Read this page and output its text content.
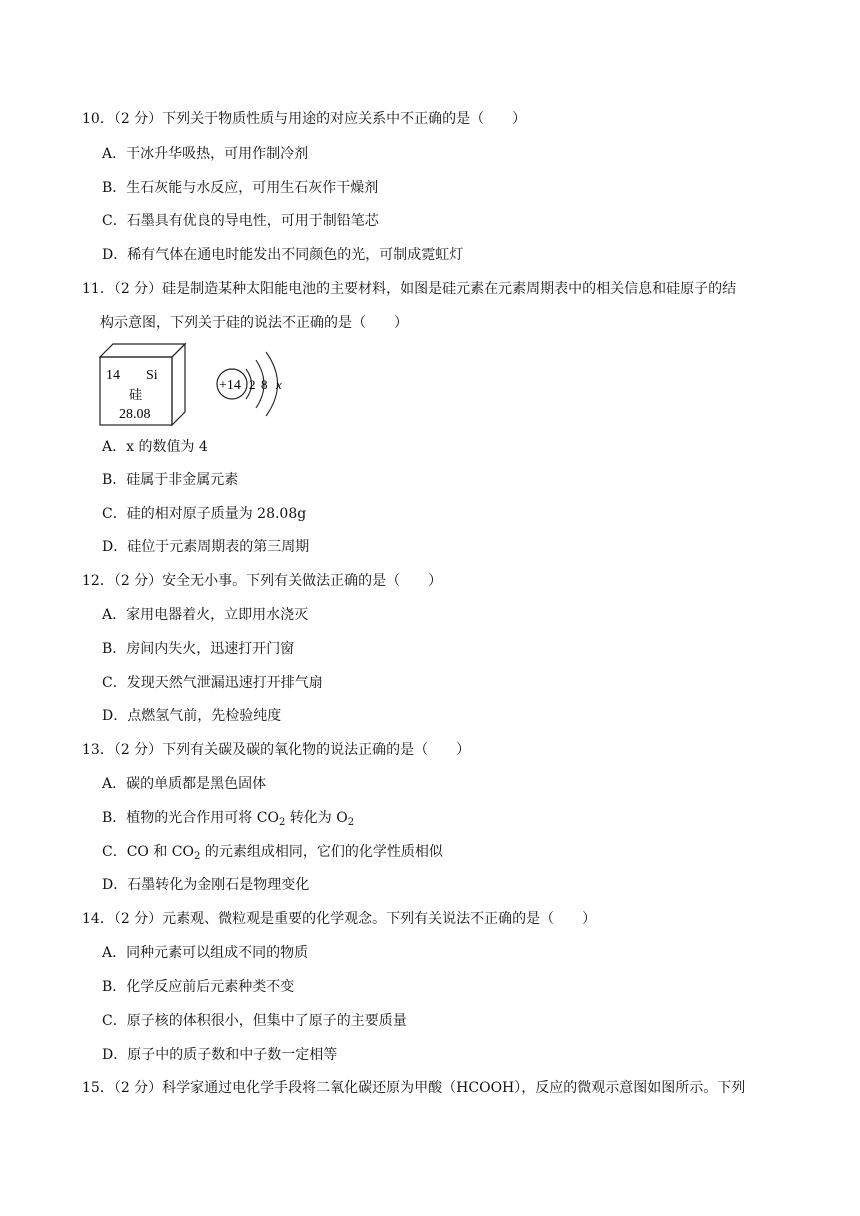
10．（2 分）下列关于物质性质与用途的对应关系中不正确的是（　　）
A．干冰升华吸热，可用作制冷剂
B．生石灰能与水反应，可用生石灰作干燥剂
C．石墨具有优良的导电性，可用于制铅笔芯
D．稀有气体在通电时能发出不同颜色的光，可制成霓虹灯
11．（2 分）硅是制造某种太阳能电池的主要材料，如图是硅元素在元素周期表中的相关信息和硅原子的结
构示意图，下列关于硅的说法不正确的是（　　）
14 Si
硅
28.08
+14 2 8 x
A．x 的数值为 4
B．硅属于非金属元素
C．硅的相对原子质量为 28.08g
D．硅位于元素周期表的第三周期
12．（2 分）安全无小事。下列有关做法正确的是（　　）
A．家用电器着火，立即用水浇灭
B．房间内失火，迅速打开门窗
C．发现天然气泄漏迅速打开排气扇
D．点燃氢气前，先检验纯度
13．（2 分）下列有关碳及碳的氧化物的说法正确的是（　　）
A．碳的单质都是黑色固体
B．植物的光合作用可将 $CO_2$ 转化为 $O_2$
C．CO 和 $CO_2$ 的元素组成相同，它们的化学性质相似
D．石墨转化为金刚石是物理变化
14．（2 分）元素观、微粒观是重要的化学观念。下列有关说法不正确的是（　　）
A．同种元素可以组成不同的物质
B．化学反应前后元素种类不变
C．原子核的体积很小，但集中了原子的主要质量
D．原子中的质子数和中子数一定相等
15．（2 分）科学家通过电化学手段将二氧化碳还原为甲酸（HCOOH），反应的微观示意图如图所示。下列
